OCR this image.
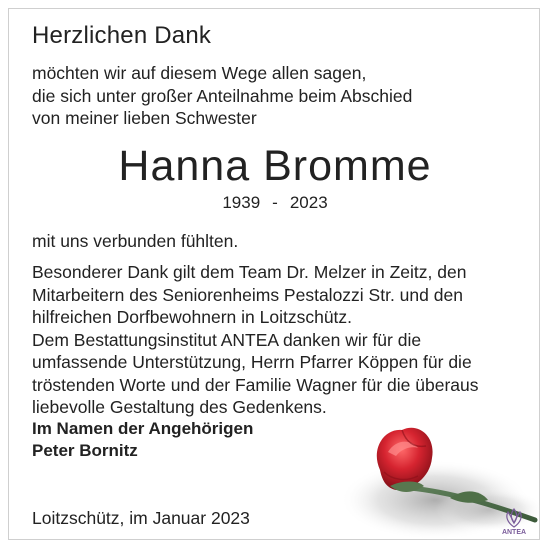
Herzlichen Dank
möchten wir auf diesem Wege allen sagen,
die sich unter großer Anteilnahme beim Abschied
von meiner lieben Schwester
Hanna Bromme
1939 - 2023
mit uns verbunden fühlten.
Besonderer Dank gilt dem Team Dr. Melzer in Zeitz, den
Mitarbeitern des Seniorenheims Pestalozzi Str. und den
hilfreichen Dorfbewohnern in Loitzschütz.
Dem Bestattungsinstitut ANTEA danken wir für die
umfassende Unterstützung, Herrn Pfarrer Köppen für die
tröstenden Worte und der Familie Wagner für die überaus
liebevolle Gestaltung des Gedenkens.
Im Namen der Angehörigen
Peter Bornitz
Loitzschütz, im Januar 2023
ANTEA
